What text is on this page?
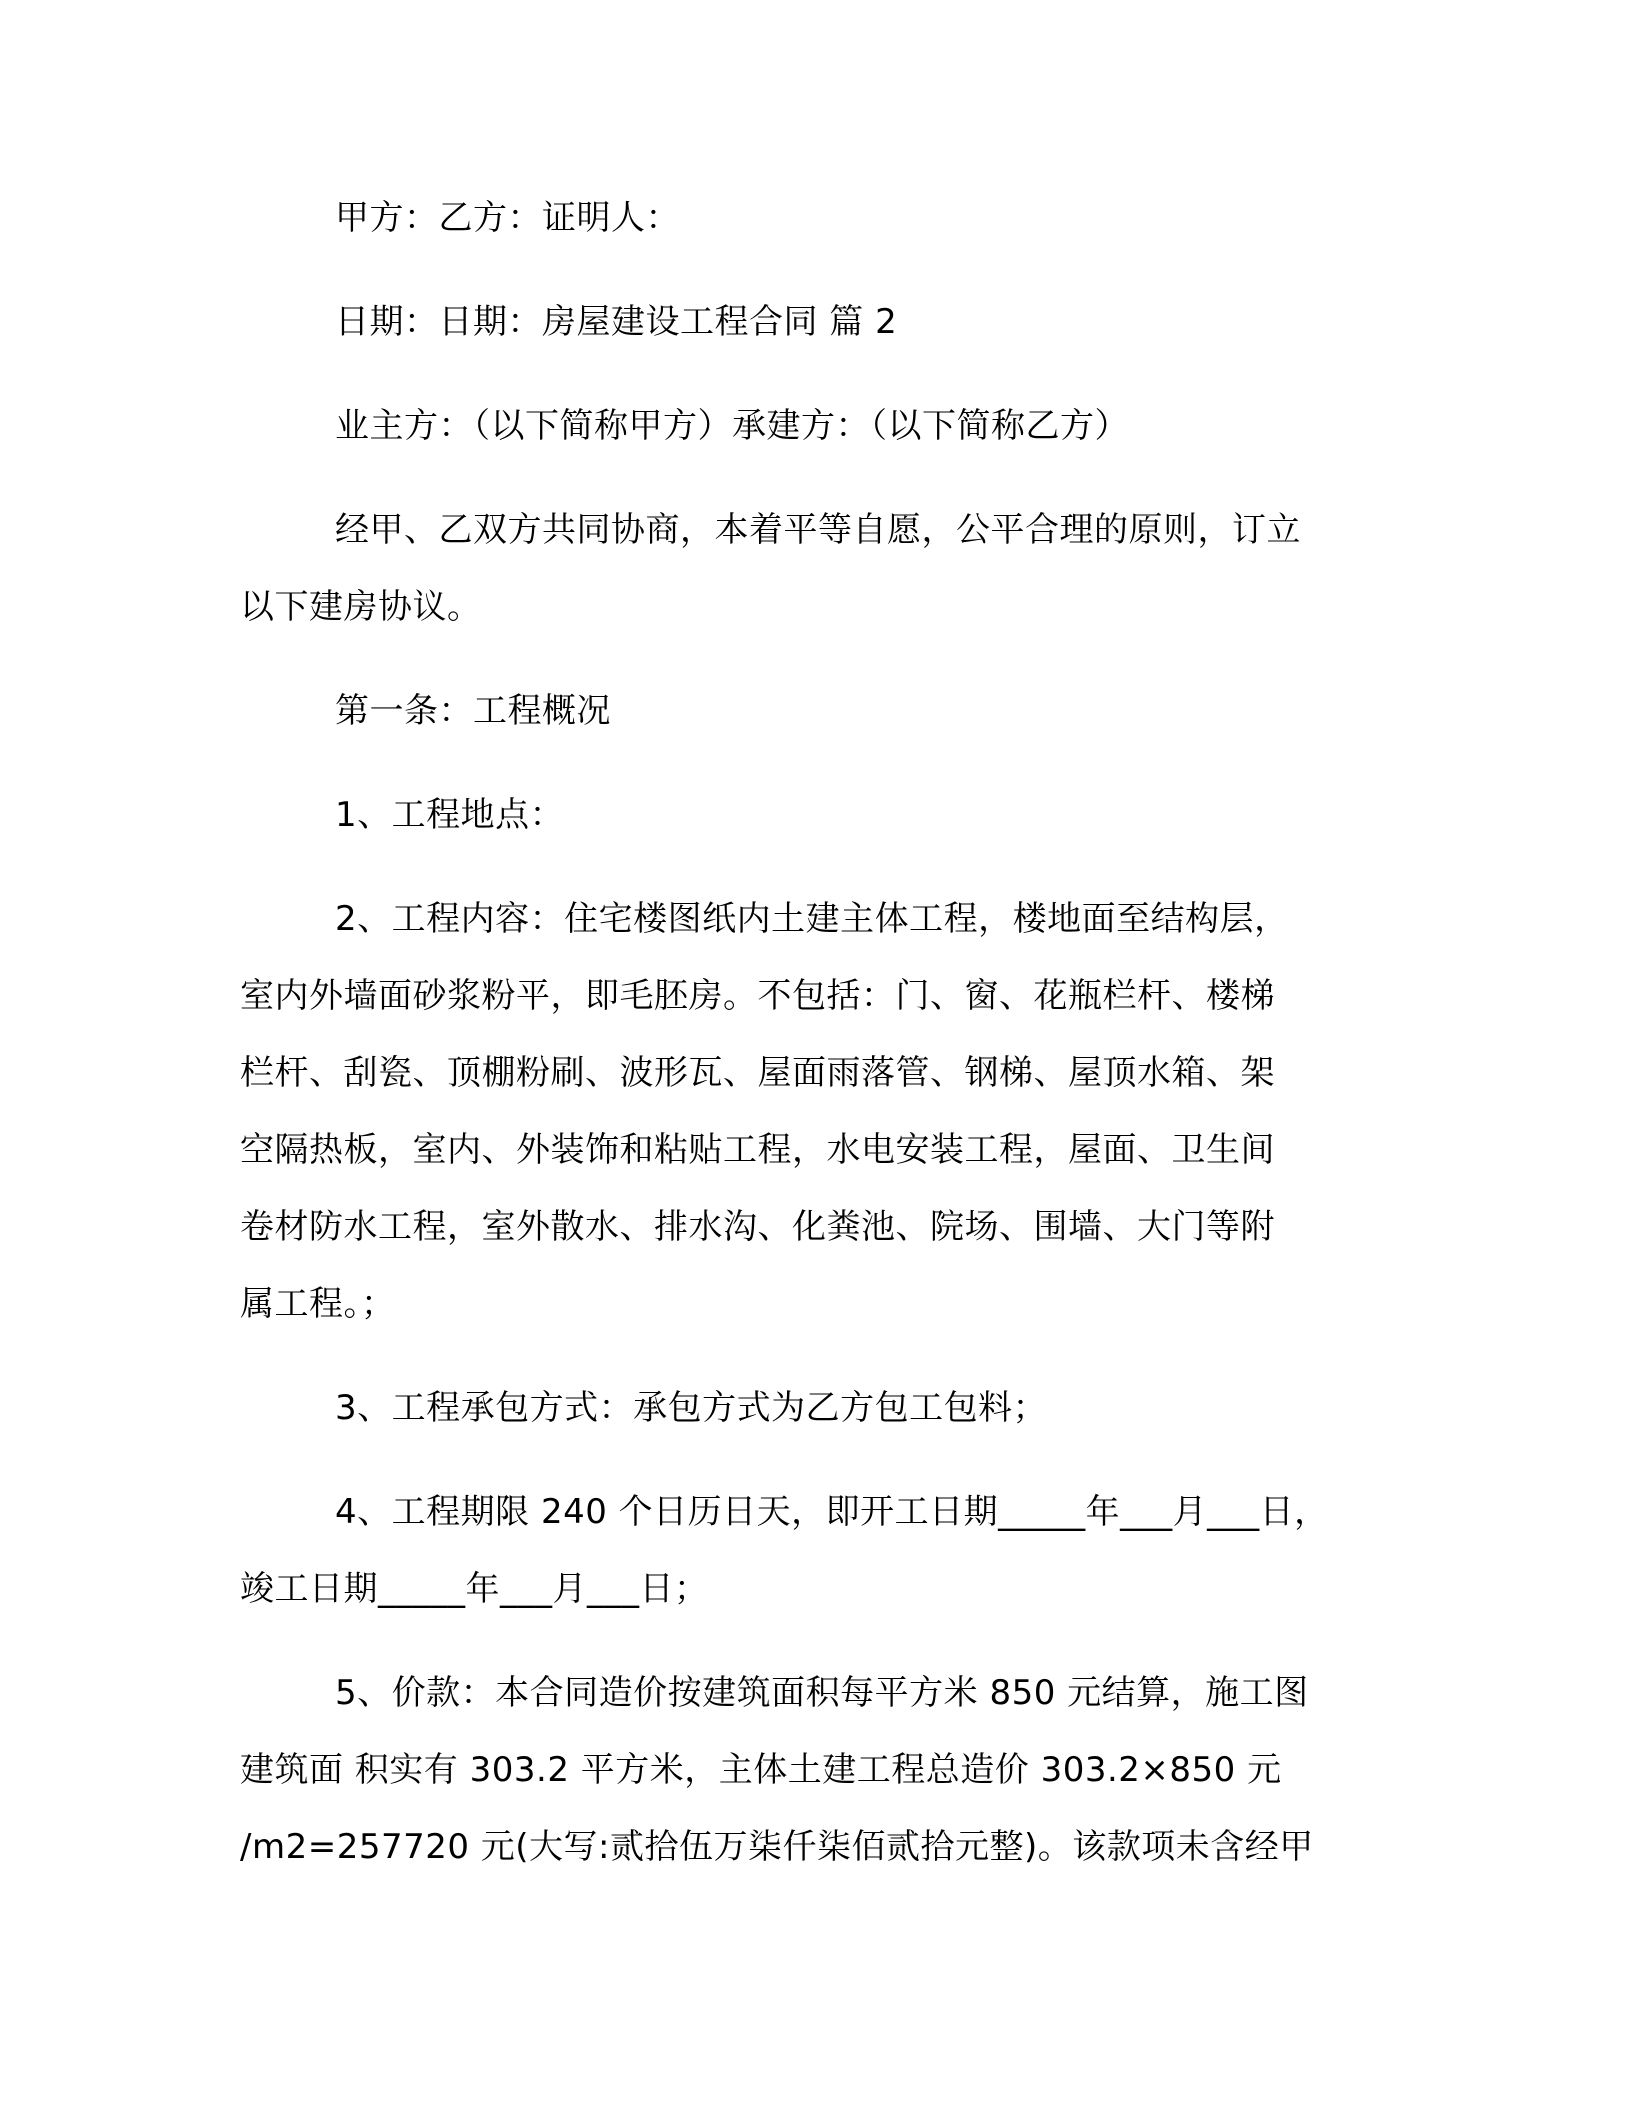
甲方：乙方：证明人：

日期：日期：房屋建设工程合同 篇 2

业主方：（以下简称甲方）承建方：（以下简称乙方）

经甲、乙双方共同协商，本着平等自愿，公平合理的原则，订立
以下建房协议。

第一条：工程概况

1、工程地点：

2、工程内容：住宅楼图纸内土建主体工程，楼地面至结构层，
室内外墙面砂浆粉平，即毛胚房。不包括：门、窗、花瓶栏杆、楼梯
栏杆、刮瓷、顶棚粉刷、波形瓦、屋面雨落管、钢梯、屋顶水箱、架
空隔热板，室内、外装饰和粘贴工程，水电安装工程，屋面、卫生间
卷材防水工程，室外散水、排水沟、化粪池、院场、围墙、大门等附
属工程。；

3、工程承包方式：承包方式为乙方包工包料；

4、工程期限 240 个日历日天，即开工日期_____年___月___日，
竣工日期_____年___月___日；

5、价款：本合同造价按建筑面积每平方米 850 元结算，施工图
建筑面 积实有 303.2 平方米，主体土建工程总造价 303.2×850 元
/m2=257720 元(大写:贰拾伍万柒仟柒佰贰拾元整)。该款项未含经甲
